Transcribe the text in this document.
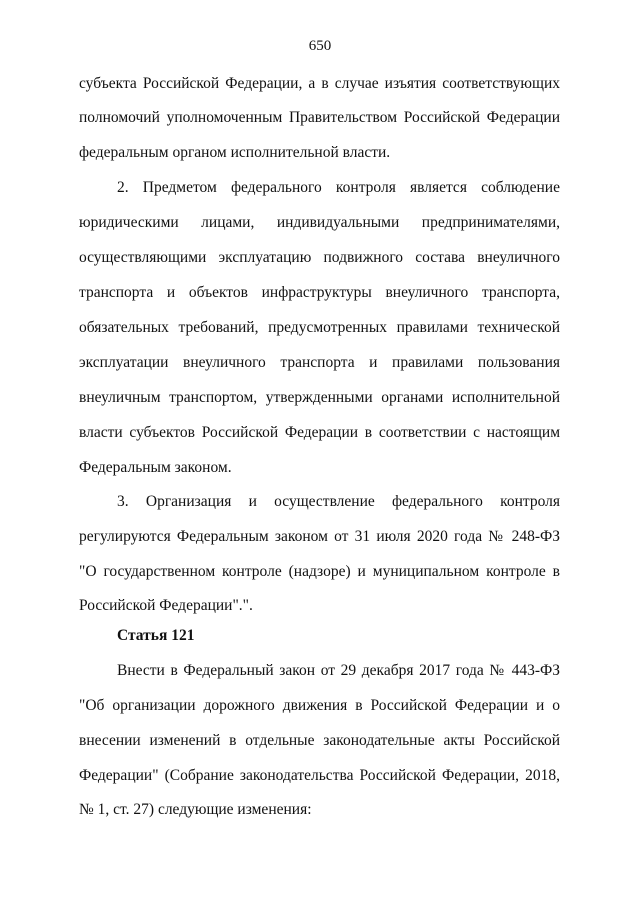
650
субъекта Российской Федерации, а в случае изъятия соответствующих
полномочий уполномоченным Правительством Российской Федерации
федеральным органом исполнительной власти.
2. Предметом федерального контроля является соблюдение
юридическими лицами, индивидуальными предпринимателями,
осуществляющими эксплуатацию подвижного состава внеуличного
транспорта и объектов инфраструктуры внеуличного транспорта,
обязательных требований, предусмотренных правилами технической
эксплуатации внеуличного транспорта и правилами пользования
внеуличным транспортом, утвержденными органами исполнительной
власти субъектов Российской Федерации в соответствии с настоящим
Федеральным законом.
3. Организация и осуществление федерального контроля
регулируются Федеральным законом от 31 июля 2020 года № 248-ФЗ
"О государственном контроле (надзоре) и муниципальном контроле в
Российской Федерации".".
Статья 121
Внести в Федеральный закон от 29 декабря 2017 года № 443-ФЗ
"Об организации дорожного движения в Российской Федерации и о
внесении изменений в отдельные законодательные акты Российской
Федерации" (Собрание законодательства Российской Федерации, 2018,
№ 1, ст. 27) следующие изменения:
